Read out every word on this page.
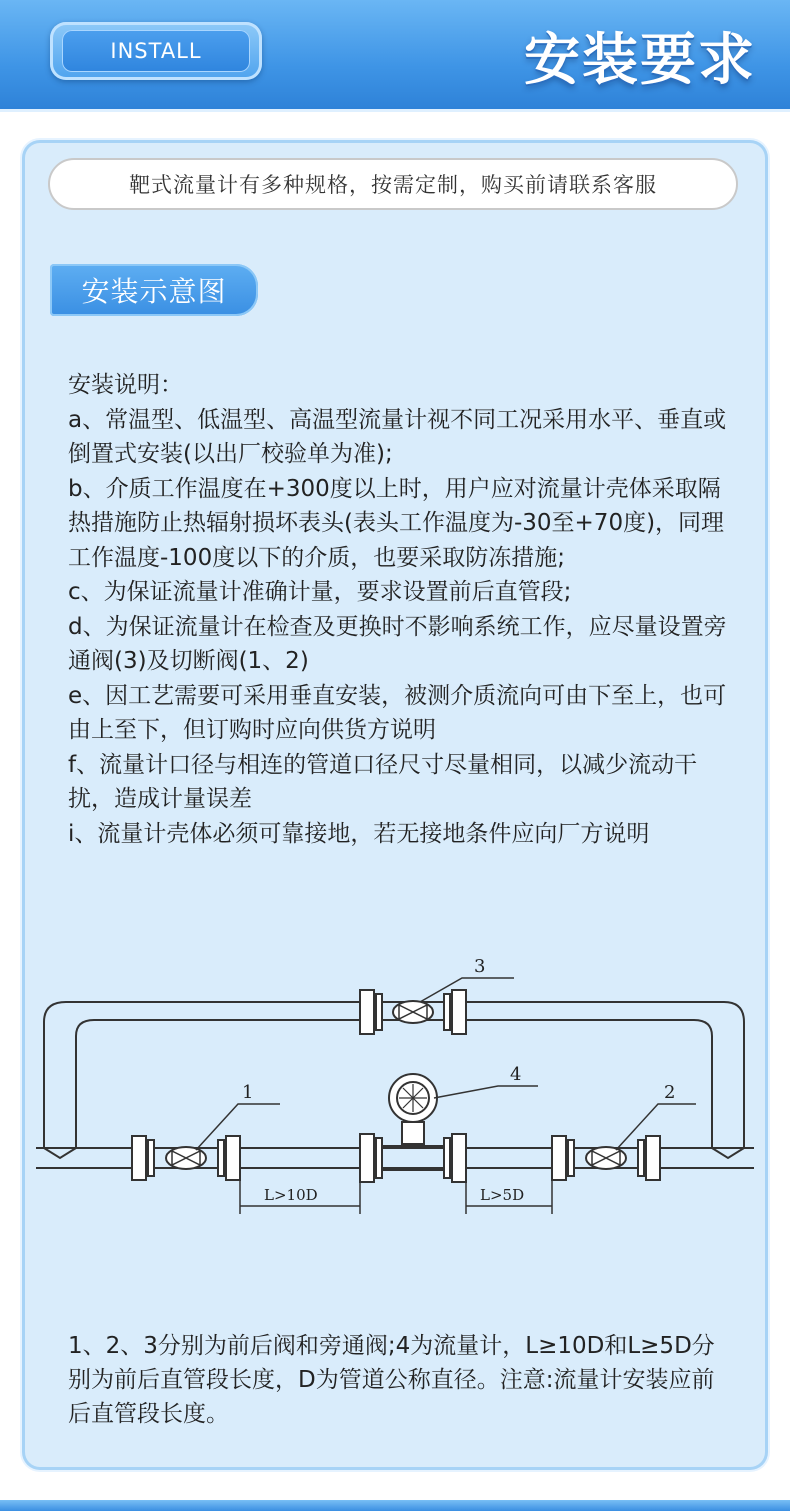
INSTALL	安装要求
靶式流量计有多种规格，按需定制，购买前请联系客服
安装示意图

安装说明：

a、常温型、低温型、高温型流量计视不同工况采用水平、垂直或倒置式安装(以出厂校验单为准);

b、介质工作温度在+300度以上时，用户应对流量计壳体采取隔热措施防止热辐射损坏表头(表头工作温度为-30至+70度)，同理工作温度-100度以下的介质，也要采取防冻措施;

c、为保证流量计准确计量，要求设置前后直管段;

d、为保证流量计在检查及更换时不影响系统工作，应尽量设置旁通阀(3)及切断阀(1、2)

e、因工艺需要可采用垂直安装，被测介质流向可由下至上，也可由上至下，但订购时应向供货方说明

f、流量计口径与相连的管道口径尺寸尽量相同，以减少流动干扰，造成计量误差

i、流量计壳体必须可靠接地，若无接地条件应向厂方说明

3
1
4
2
L>10D	L>5D
1、2、3分别为前后阀和旁通阀;4为流量计，L≥10D和L≥5D分别为前后直管段长度，D为管道公称直径。注意:流量计安装应前后直管段长度。
